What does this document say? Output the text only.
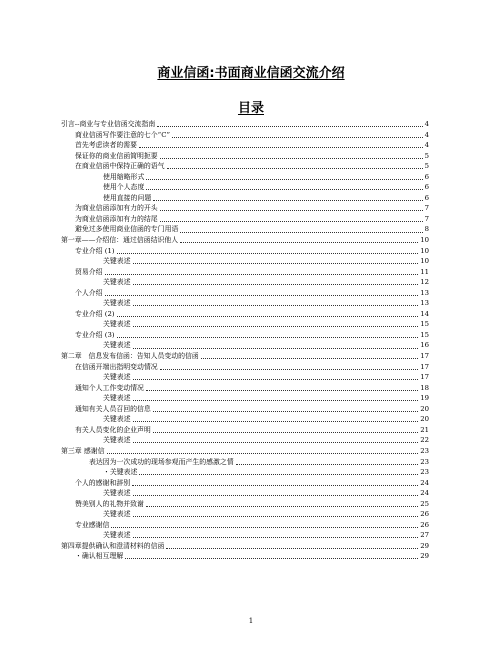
商业信函:书面商业信函交流介绍
目录
引言--商业与专业信函交流指南	4
商业信函写作要注意的七个“C”	4
首先考虑读者的需要	4
保证你的商业信函简明扼要	5
在商业信函中保持正确的语气	5
使用缩略形式	6
使用个人态度	6
使用直接的问题	6
为商业信函添加有力的开头	7
为商业信函添加有力的结尾	7
避免过多使用商业信函的专门用语	8
第一章——介绍信：通过信函结识他人	10
专业介绍 (1)	10
关键表述	10
贸易介绍	11
关键表述	12
个人介绍	13
关键表述	13
专业介绍 (2)	14
关键表述	15
专业介绍 (3)	15
关键表述	16
第二章　信息发布信函：告知人员变动的信函	17
在信函开端出指明变动情况	17
关键表述	17
通知个人工作变动情况	18
关键表述	19
通知有关人员召回的信息	20
关键表述	20
有关人员变化的企业声明	21
关键表述	22
第三章 感谢信	23
表达因为一次成功的现场参观而产生的感激之情	23
・关键表述	23
个人的感谢和辞别	24
关键表述	24
赞美别人的礼物并致谢	25
关键表述	26
专业感谢信	26
关键表述	27
第四章提供确认和澄清材料的信函	29
・确认相互理解	29
1
